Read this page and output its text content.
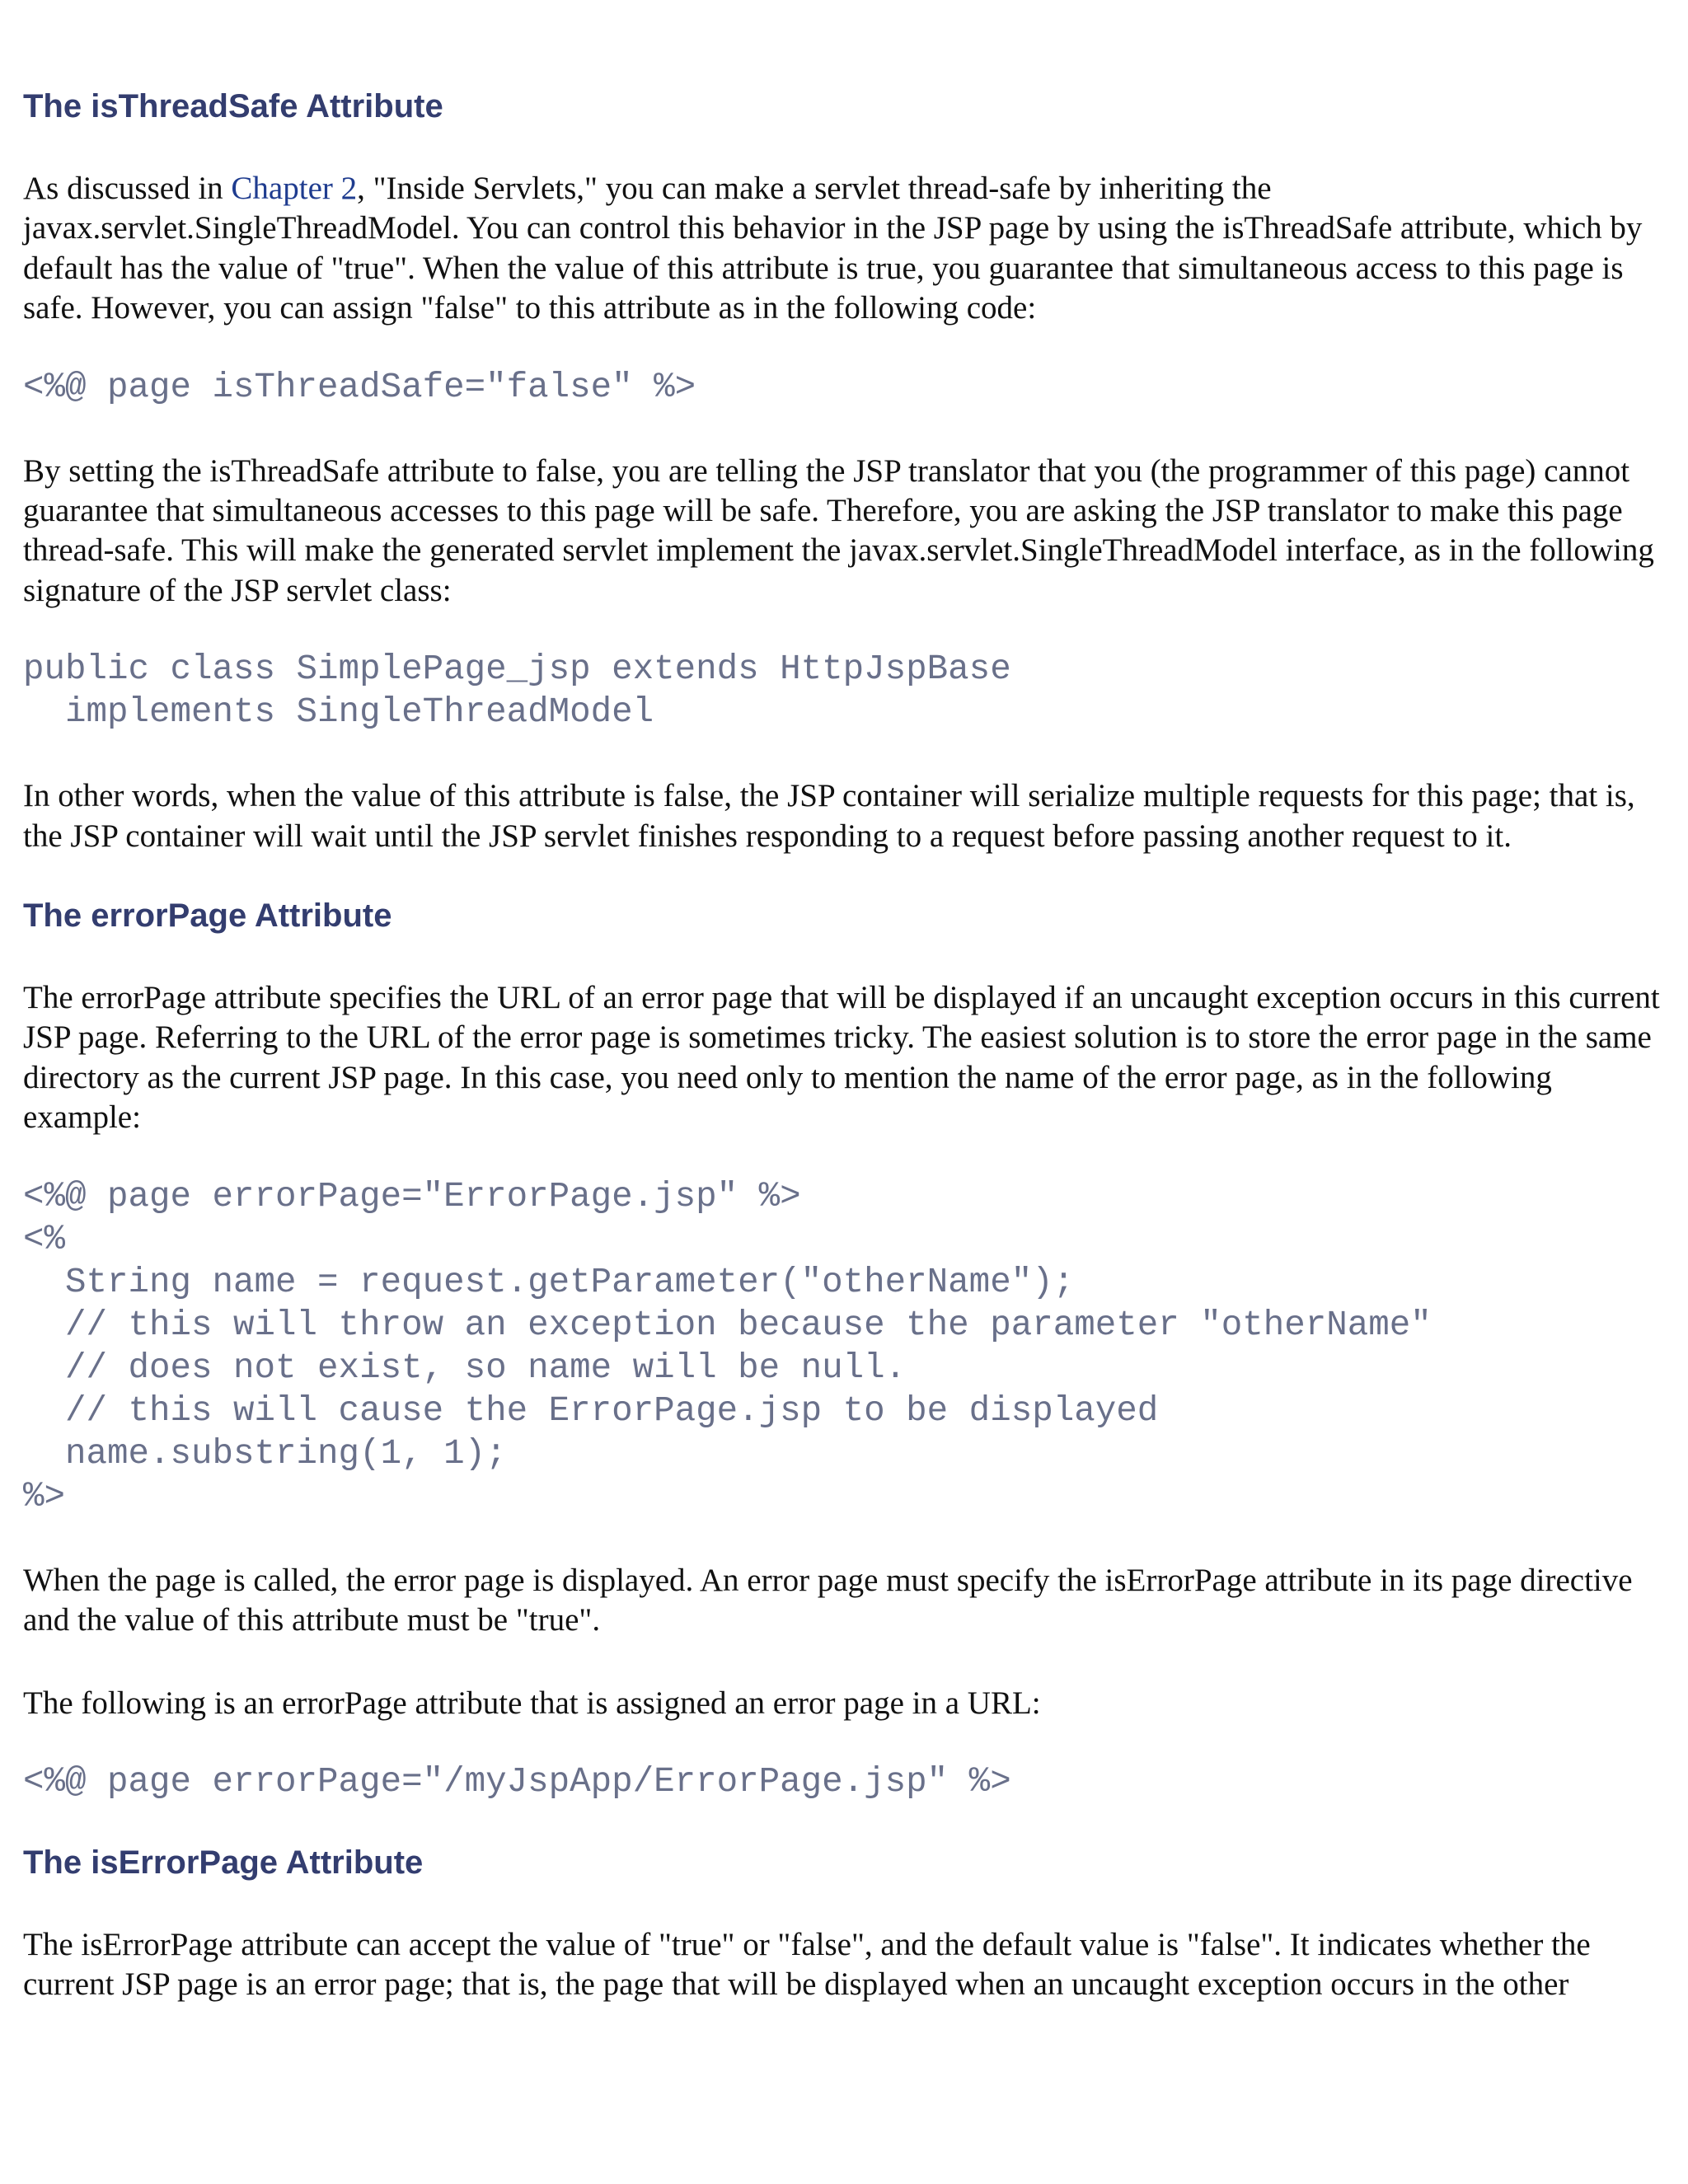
The isThreadSafe Attribute

As discussed in Chapter 2, "Inside Servlets," you can make a servlet thread-safe by inheriting the javax.servlet.SingleThreadModel. You can control this behavior in the JSP page by using the isThreadSafe attribute, which by default has the value of "true". When the value of this attribute is true, you guarantee that simultaneous access to this page is safe. However, you can assign "false" to this attribute as in the following code:

<%@ page isThreadSafe="false" %>

By setting the isThreadSafe attribute to false, you are telling the JSP translator that you (the programmer of this page) cannot guarantee that simultaneous accesses to this page will be safe. Therefore, you are asking the JSP translator to make this page thread-safe. This will make the generated servlet implement the javax.servlet.SingleThreadModel interface, as in the following signature of the JSP servlet class:

public class SimplePage_jsp extends HttpJspBase
implements SingleThreadModel

In other words, when the value of this attribute is false, the JSP container will serialize multiple requests for this page; that is, the JSP container will wait until the JSP servlet finishes responding to a request before passing another request to it.

The errorPage Attribute

The errorPage attribute specifies the URL of an error page that will be displayed if an uncaught exception occurs in this current JSP page. Referring to the URL of the error page is sometimes tricky. The easiest solution is to store the error page in the same directory as the current JSP page. In this case, you need only to mention the name of the error page, as in the following example:

<%@ page errorPage="ErrorPage.jsp" %>
<%
String name = request.getParameter("otherName");
// this will throw an exception because the parameter "otherName"
// does not exist, so name will be null.
// this will cause the ErrorPage.jsp to be displayed
name.substring(1, 1);
%>

When the page is called, the error page is displayed. An error page must specify the isErrorPage attribute in its page directive and the value of this attribute must be "true".

The following is an errorPage attribute that is assigned an error page in a URL:

<%@ page errorPage="/myJspApp/ErrorPage.jsp" %>
The isErrorPage Attribute

The isErrorPage attribute can accept the value of "true" or "false", and the default value is "false". It indicates whether the current JSP page is an error page; that is, the page that will be displayed when an uncaught exception occurs in the other
